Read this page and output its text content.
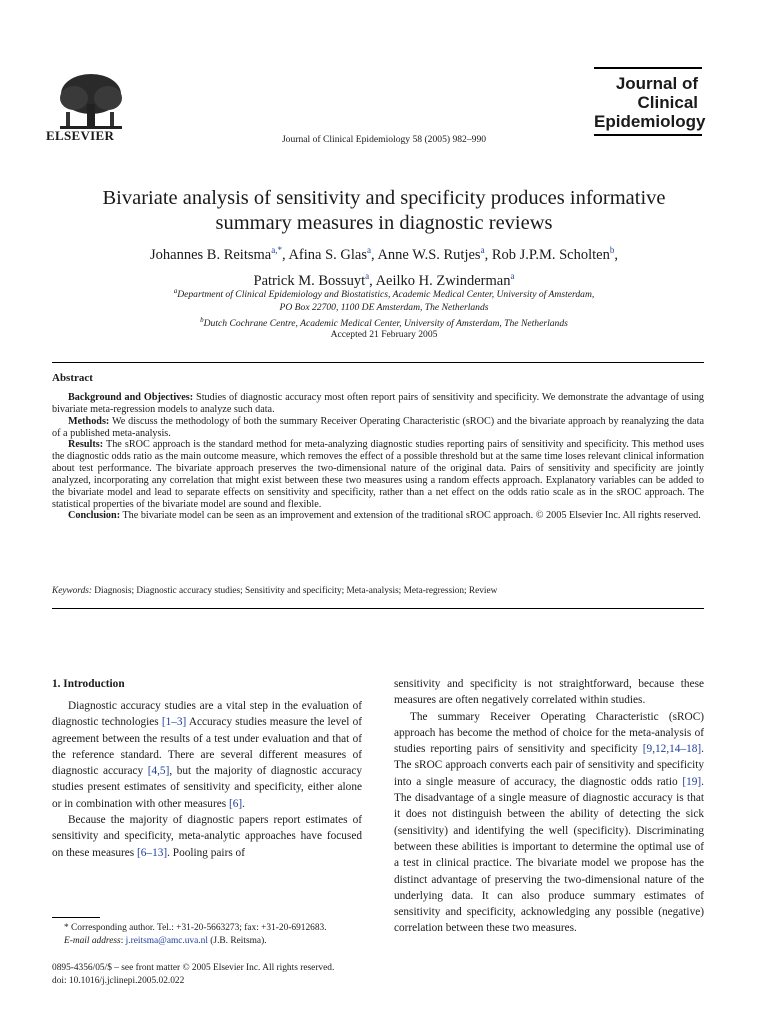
ELSEVIER	Journal of Clinical Epidemiology 58 (2005) 982–990
Journal of
Clinical
Epidemiology
Bivariate analysis of sensitivity and specificity produces informative
summary measures in diagnostic reviews
Johannes B. Reitsma$^{a,*}$, Afina S. Glas$^a$, Anne W.S. Rutjes$^a$, Rob J.P.M. Scholten$^b$,
Patrick M. Bossuyt$^a$, Aeilko H. Zwinderman$^a$
$^a$Department of Clinical Epidemiology and Biostatistics, Academic Medical Center, University of Amsterdam,
PO Box 22700, 1100 DE Amsterdam, The Netherlands
$^b$Dutch Cochrane Centre, Academic Medical Center, University of Amsterdam, The Netherlands
Accepted 21 February 2005
Abstract

Background and Objectives: Studies of diagnostic accuracy most often report pairs of sensitivity and specificity. We demonstrate the advantage of using bivariate meta-regression models to analyze such data.

Methods: We discuss the methodology of both the summary Receiver Operating Characteristic (sROC) and the bivariate approach by reanalyzing the data of a published meta-analysis.

Results: The sROC approach is the standard method for meta-analyzing diagnostic studies reporting pairs of sensitivity and specificity. This method uses the diagnostic odds ratio as the main outcome measure, which removes the effect of a possible threshold but at the same time loses relevant clinical information about test performance. The bivariate approach preserves the two-dimensional nature of the original data. Pairs of sensitivity and specificity are jointly analyzed, incorporating any correlation that might exist between these two measures using a random effects approach. Explanatory variables can be added to the bivariate model and lead to separate effects on sensitivity and specificity, rather than a net effect on the odds ratio scale as in the sROC approach. The statistical properties of the bivariate model are sound and flexible.

Conclusion: The bivariate model can be seen as an improvement and extension of the traditional sROC approach. © 2005 Elsevier Inc. All rights reserved.

Keywords: Diagnosis; Diagnostic accuracy studies; Sensitivity and specificity; Meta-analysis; Meta-regression; Review
1. Introduction

Diagnostic accuracy studies are a vital step in the evaluation of diagnostic technologies [1–3] Accuracy studies measure the level of agreement between the results of a test under evaluation and that of the reference standard. There are several different measures of diagnostic accuracy [4,5], but the majority of diagnostic accuracy studies present estimates of sensitivity and specificity, either alone or in combination with other measures [6].

Because the majority of diagnostic papers report estimates of sensitivity and specificity, meta-analytic approaches have focused on these measures [6–13]. Pooling pairs of

sensitivity and specificity is not straightforward, because these measures are often negatively correlated within studies.

The summary Receiver Operating Characteristic (sROC) approach has become the method of choice for the meta-analysis of studies reporting pairs of sensitivity and specificity [9,12,14–18]. The sROC approach converts each pair of sensitivity and specificity into a single measure of accuracy, the diagnostic odds ratio [19]. The disadvantage of a single measure of diagnostic accuracy is that it does not distinguish between the ability of detecting the sick (sensitivity) and identifying the well (specificity). Discriminating between these abilities is important to determine the optimal use of a test in clinical practice. The bivariate model we propose has the distinct advantage of preserving the two-dimensional nature of the underlying data. It can also produce summary estimates of sensitivity and specificity, acknowledging any possible (negative) correlation between these two measures.

* Corresponding author. Tel.: +31-20-5663273; fax: +31-20-6912683.

E-mail address: j.reitsma@amc.uva.nl (J.B. Reitsma).

0895-4356/05/$ – see front matter © 2005 Elsevier Inc. All rights reserved.
doi: 10.1016/j.jclinepi.2005.02.022
